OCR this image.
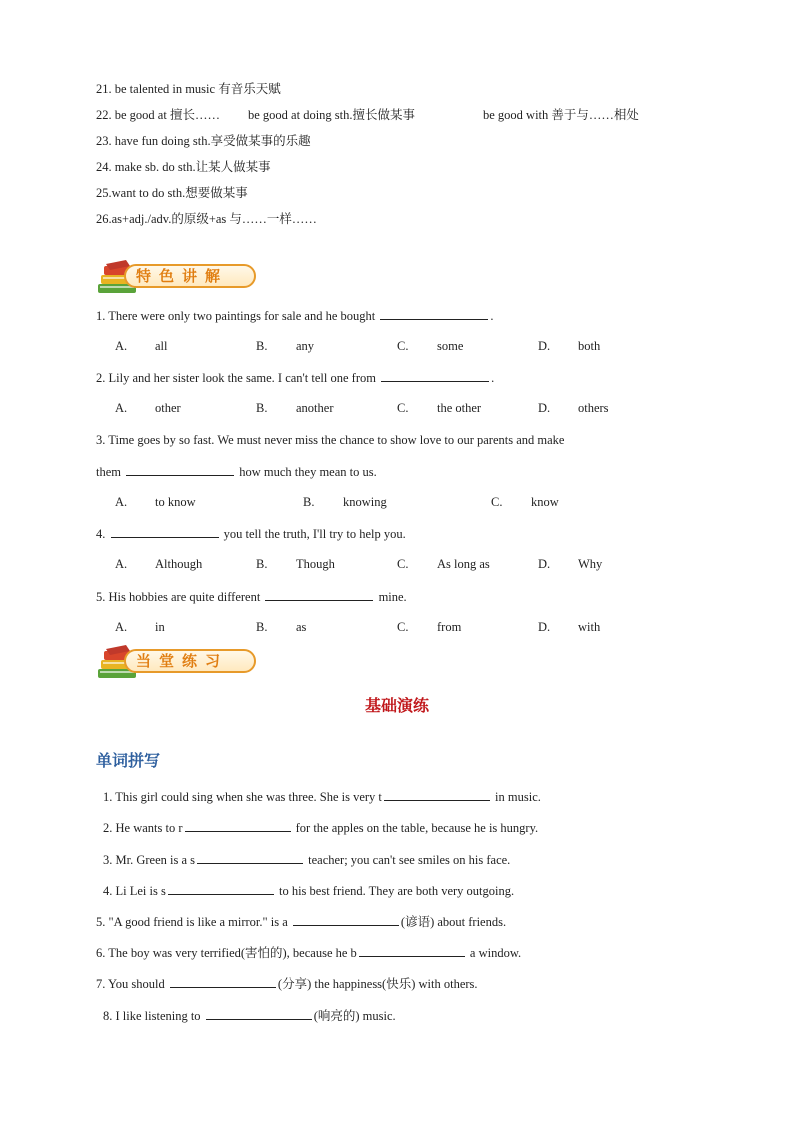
21. be talented in music 有音乐天赋
22. be good at 擅长…… be good at doing sth.擅长做某事	be good with 善于与……相处
23. have fun doing sth.享受做某事的乐趣
24. make sb. do sth.让某人做某事
25.want to do sth.想要做某事
26.as+adj./adv.的原级+as 与……一样……
特色讲解
1. There were only two paintings for sale and he bought	.
A. all	B. any	C. some	D. both
2. Lily and her sister look the same. I can't tell one from	.
A. other	B. another	C. the other	D. others
3. Time goes by so fast. We must never miss the chance to show love to our parents and make
them	how much they mean to us.
A. to know	B. knowing	C. know
4.	you tell the truth, I'll try to help you.
A. Although	B. Though	C. As long as	D. Why
5. His hobbies are quite different	mine.
A. in	B. as	C. from	D. with
当堂练习
基础演练
单词拼写
1. This girl could sing when she was three. She is very t	in music.
2. He wants to r	for the apples on the table, because he is hungry.
3. Mr. Green is a s	teacher; you can't see smiles on his face.
4. Li Lei is s	to his best friend. They are both very outgoing.
5. "A good friend is like a mirror." is a	(谚语) about friends.
6. The boy was very terrified(害怕的), because he b	a window.
7. You should	(分享) the happiness(快乐) with others.
8. I like listening to	(响亮的) music.
